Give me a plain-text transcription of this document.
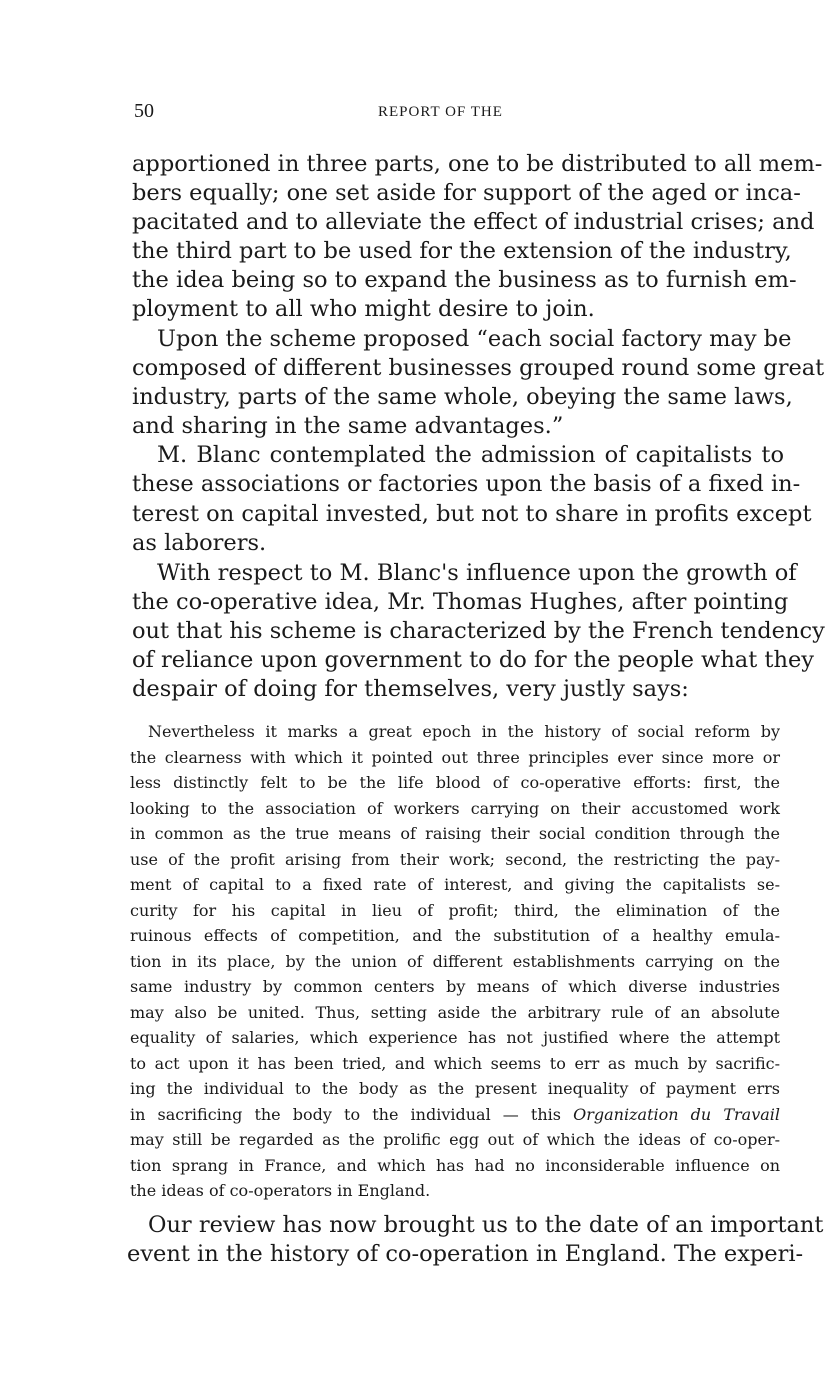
50	REPORT OF THE
apportioned in three parts, one to be distributed to all mem-
bers equally; one set aside for support of the aged or inca-
pacitated and to alleviate the effect of industrial crises; and
the third part to be used for the extension of the industry,
the idea being so to expand the business as to furnish em-
ployment to all who might desire to join.
Upon the scheme proposed “each social factory may be
composed of different businesses grouped round some great
industry, parts of the same whole, obeying the same laws,
and sharing in the same advantages.”
M. Blanc contemplated the admission of capitalists to
these associations or factories upon the basis of a fixed in-
terest on capital invested, but not to share in profits except
as laborers.
With respect to M. Blanc's influence upon the growth of
the co-operative idea, Mr. Thomas Hughes, after pointing
out that his scheme is characterized by the French tendency
of reliance upon government to do for the people what they
despair of doing for themselves, very justly says:
Nevertheless it marks a great epoch in the history of social reform by
the clearness with which it pointed out three principles ever since more or
less distinctly felt to be the life blood of co-operative efforts: first, the
looking to the association of workers carrying on their accustomed work
in common as the true means of raising their social condition through the
use of the profit arising from their work; second, the restricting the pay-
ment of capital to a fixed rate of interest, and giving the capitalists se-
curity for his capital in lieu of profit; third, the elimination of the
ruinous effects of competition, and the substitution of a healthy emula-
tion in its place, by the union of different establishments carrying on the
same industry by common centers by means of which diverse industries
may also be united. Thus, setting aside the arbitrary rule of an absolute
equality of salaries, which experience has not justified where the attempt
to act upon it has been tried, and which seems to err as much by sacrific-
ing the individual to the body as the present inequality of payment errs
in sacrificing the body to the individual — this Organization du Travail
may still be regarded as the prolific egg out of which the ideas of co-oper-
tion sprang in France, and which has had no inconsiderable influence on
the ideas of co-operators in England.
Our review has now brought us to the date of an important
event in the history of co-operation in England. The experi-
